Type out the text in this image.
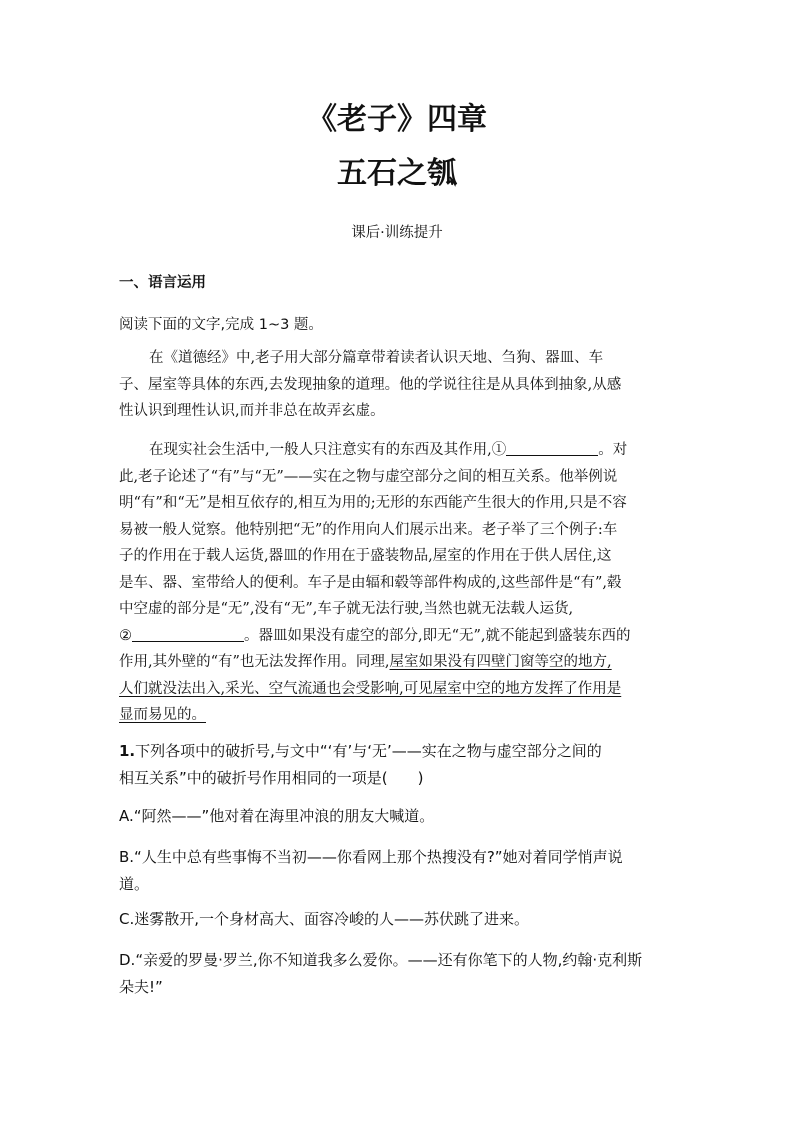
《老子》四章
五石之瓠
课后·训练提升
一、语言运用
阅读下面的文字,完成 1~3 题。
在《道德经》中,老子用大部分篇章带着读者认识天地、刍狗、器皿、车
子、屋室等具体的东西,去发现抽象的道理。他的学说往往是从具体到抽象,从感
性认识到理性认识,而并非总在故弄玄虚。
在现实社会生活中,一般人只注意实有的东西及其作用,①	。对
此,老子论述了“有”与“无”——实在之物与虚空部分之间的相互关系。他举例说
明“有”和“无”是相互依存的,相互为用的;无形的东西能产生很大的作用,只是不容
易被一般人觉察。他特别把“无”的作用向人们展示出来。老子举了三个例子:车
子的作用在于载人运货,器皿的作用在于盛装物品,屋室的作用在于供人居住,这
是车、器、室带给人的便利。车子是由辐和毂等部件构成的,这些部件是“有”,毂
中空虚的部分是“无”,没有“无”,车子就无法行驶,当然也就无法载人运货,
②	。器皿如果没有虚空的部分,即无“无”,就不能起到盛装东西的
作用,其外壁的“有”也无法发挥作用。同理,屋室如果没有四壁门窗等空的地方,
人们就没法出入,采光、空气流通也会受影响,可见屋室中空的地方发挥了作用是
显而易见的。
1.下列各项中的破折号,与文中“‘有’与‘无’——实在之物与虚空部分之间的
相互关系”中的破折号作用相同的一项是(　　)
A.“阿然——”他对着在海里冲浪的朋友大喊道。
B.“人生中总有些事悔不当初——你看网上那个热搜没有?”她对着同学悄声说
道。
C.迷雾散开,一个身材高大、面容冷峻的人——苏伏跳了进来。
D.“亲爱的罗曼·罗兰,你不知道我多么爱你。——还有你笔下的人物,约翰·克利斯
朵夫!”
